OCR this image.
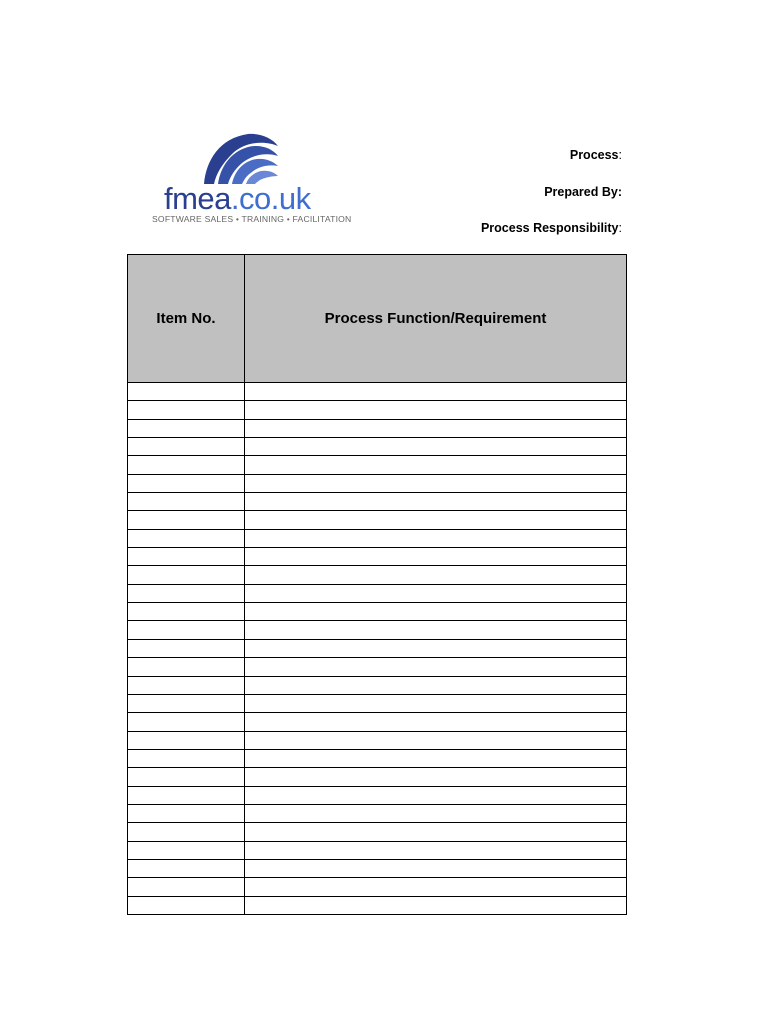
fmea.co.uk
SOFTWARE SALES • TRAINING • FACILITATION
Process:
Prepared By:
Process Responsibility:
Item No.	Process Function/Requirement
